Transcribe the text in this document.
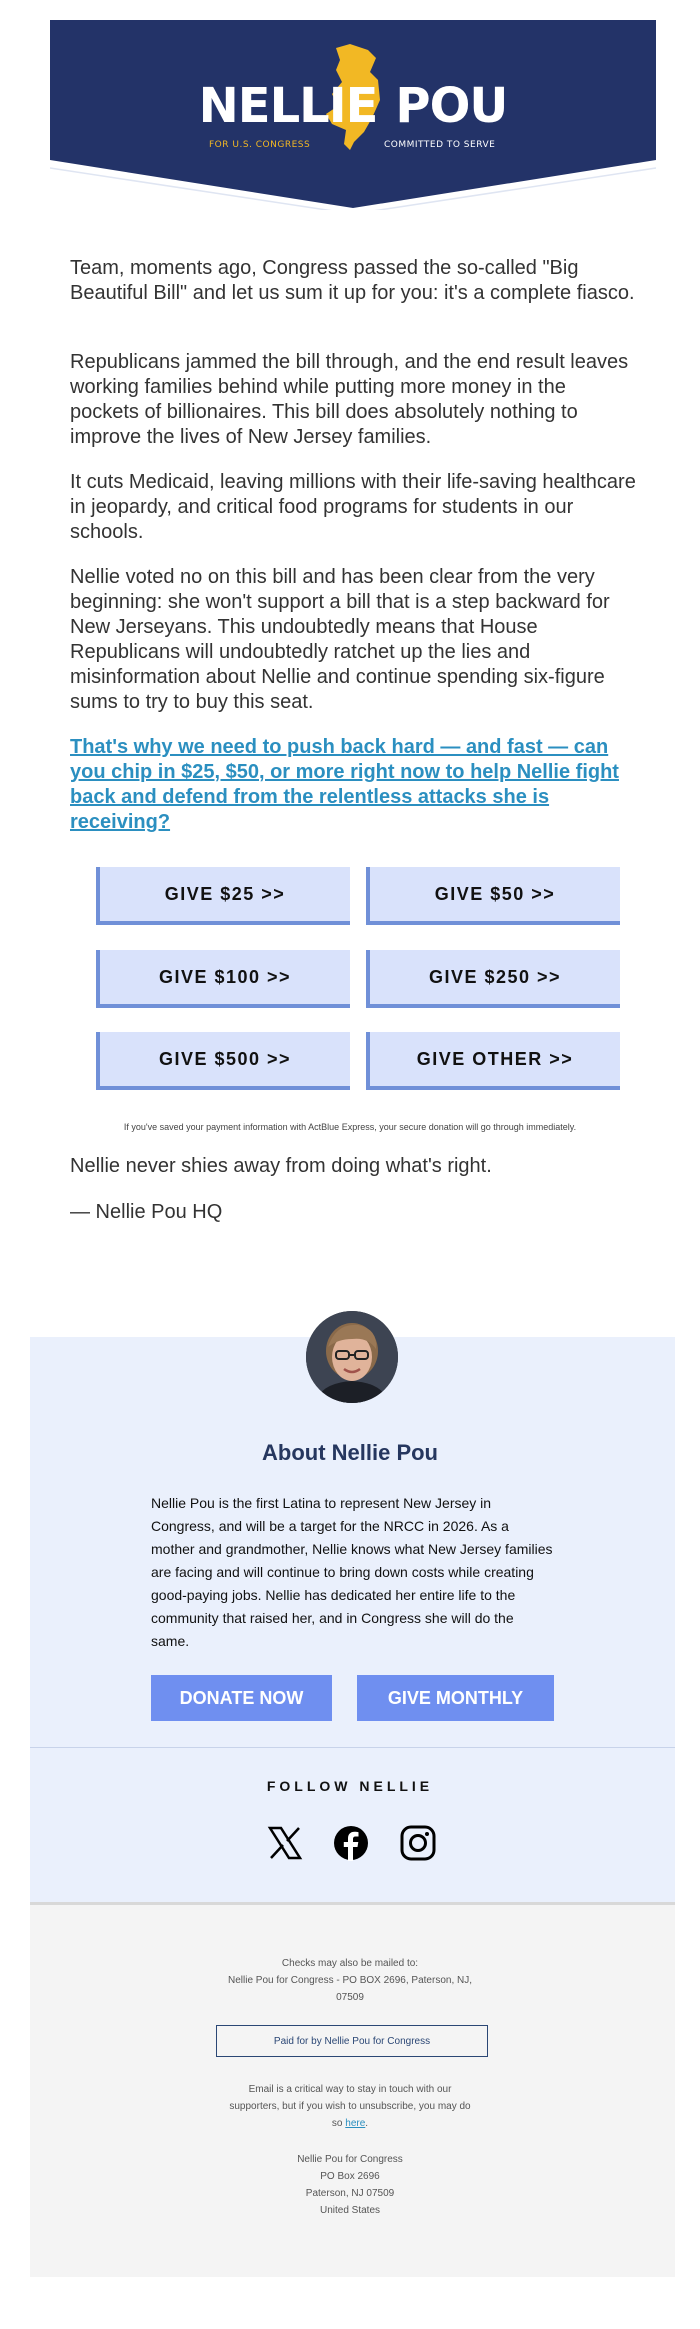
NELLIE POU
FOR U.S. CONGRESS	COMMITTED TO SERVE

Team, moments ago, Congress passed the so-called "Big Beautiful Bill" and let us sum it up for you: it's a complete fiasco.

Republicans jammed the bill through, and the end result leaves working families behind while putting more money in the pockets of billionaires. This bill does absolutely nothing to improve the lives of New Jersey families.

It cuts Medicaid, leaving millions with their life-saving healthcare in jeopardy, and critical food programs for students in our schools.

Nellie voted no on this bill and has been clear from the very beginning: she won't support a bill that is a step backward for New Jerseyans. This undoubtedly means that House Republicans will undoubtedly ratchet up the lies and misinformation about Nellie and continue spending six-figure sums to try to buy this seat.

That's why we need to push back hard — and fast — can you chip in $25, $50, or more right now to help Nellie fight back and defend from the relentless attacks she is receiving?
GIVE $25 >>	GIVE $50 >>
GIVE $100 >>	GIVE $250 >>
GIVE $500 >>	GIVE OTHER >>
If you've saved your payment information with ActBlue Express, your secure donation will go through immediately.

Nellie never shies away from doing what's right.

— Nellie Pou HQ

About Nellie Pou
Nellie Pou is the first Latina to represent New Jersey in Congress, and will be a target for the NRCC in 2026. As a mother and grandmother, Nellie knows what New Jersey families are facing and will continue to bring down costs while creating good-paying jobs. Nellie has dedicated her entire life to the community that raised her, and in Congress she will do the same.
DONATE NOW	GIVE MONTHLY
FOLLOW NELLIE
Checks may also be mailed to:
Nellie Pou for Congress - PO BOX 2696, Paterson, NJ,
07509
Paid for by Nellie Pou for Congress
Email is a critical way to stay in touch with our
supporters, but if you wish to unsubscribe, you may do
so here.
Nellie Pou for Congress
PO Box 2696
Paterson, NJ 07509
United States
